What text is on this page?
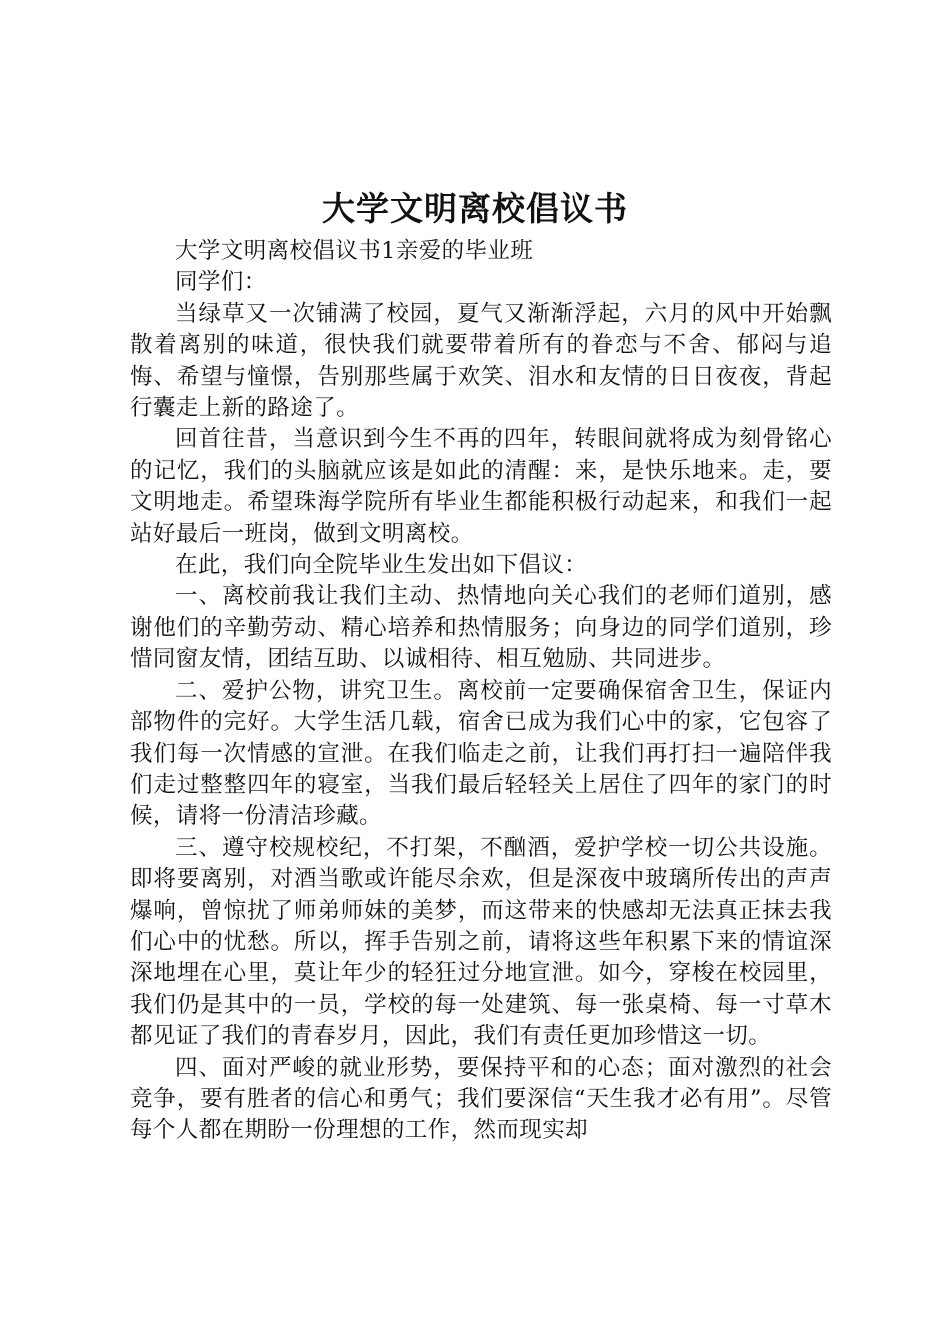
大学文明离校倡议书

大学文明离校倡议书1亲爱的毕业班

同学们：

当绿草又一次铺满了校园，夏气又渐渐浮起，六月的风中开始飘散着离别的味道，很快我们就要带着所有的眷恋与不舍、郁闷与追悔、希望与憧憬，告别那些属于欢笑、泪水和友情的日日夜夜，背起行囊走上新的路途了。

回首往昔，当意识到今生不再的四年，转眼间就将成为刻骨铭心的记忆，我们的头脑就应该是如此的清醒：来，是快乐地来。走，要文明地走。希望珠海学院所有毕业生都能积极行动起来，和我们一起站好最后一班岗，做到文明离校。

在此，我们向全院毕业生发出如下倡议：

一、离校前我让我们主动、热情地向关心我们的老师们道别，感谢他们的辛勤劳动、精心培养和热情服务；向身边的同学们道别，珍惜同窗友情，团结互助、以诚相待、相互勉励、共同进步。

二、爱护公物，讲究卫生。离校前一定要确保宿舍卫生，保证内部物件的完好。大学生活几载，宿舍已成为我们心中的家，它包容了我们每一次情感的宣泄。在我们临走之前，让我们再打扫一遍陪伴我们走过整整四年的寝室，当我们最后轻轻关上居住了四年的家门的时候，请将一份清洁珍藏。

三、遵守校规校纪，不打架，不酗酒，爱护学校一切公共设施。即将要离别，对酒当歌或许能尽余欢，但是深夜中玻璃所传出的声声爆响，曾惊扰了师弟师妹的美梦，而这带来的快感却无法真正抹去我们心中的忧愁。所以，挥手告别之前，请将这些年积累下来的情谊深深地埋在心里，莫让年少的轻狂过分地宣泄。如今，穿梭在校园里，我们仍是其中的一员，学校的每一处建筑、每一张桌椅、每一寸草木都见证了我们的青春岁月，因此，我们有责任更加珍惜这一切。

四、面对严峻的就业形势，要保持平和的心态；面对激烈的社会竞争，要有胜者的信心和勇气；我们要深信“天生我才必有用”。尽管每个人都在期盼一份理想的工作，然而现实却
